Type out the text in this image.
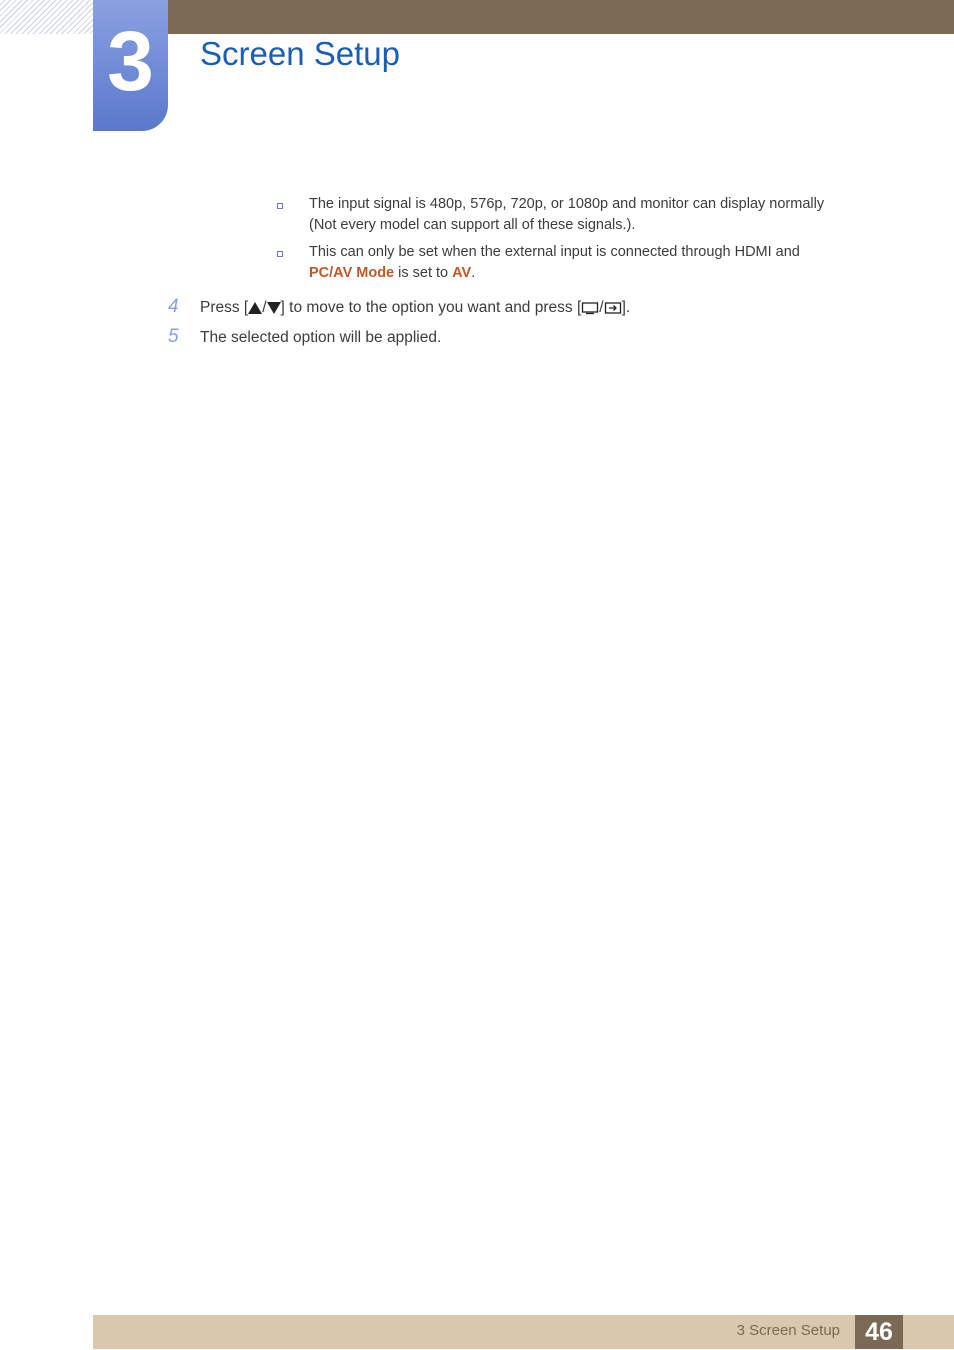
3 Screen Setup
The input signal is 480p, 576p, 720p, or 1080p and monitor can display normally
(Not every model can support all of these signals.).
This can only be set when the external input is connected through HDMI and
PC/AV Mode is set to AV.
4 Press [ / ] to move to the option you want and press [ / ].
5 The selected option will be applied.
3 Screen Setup	46
